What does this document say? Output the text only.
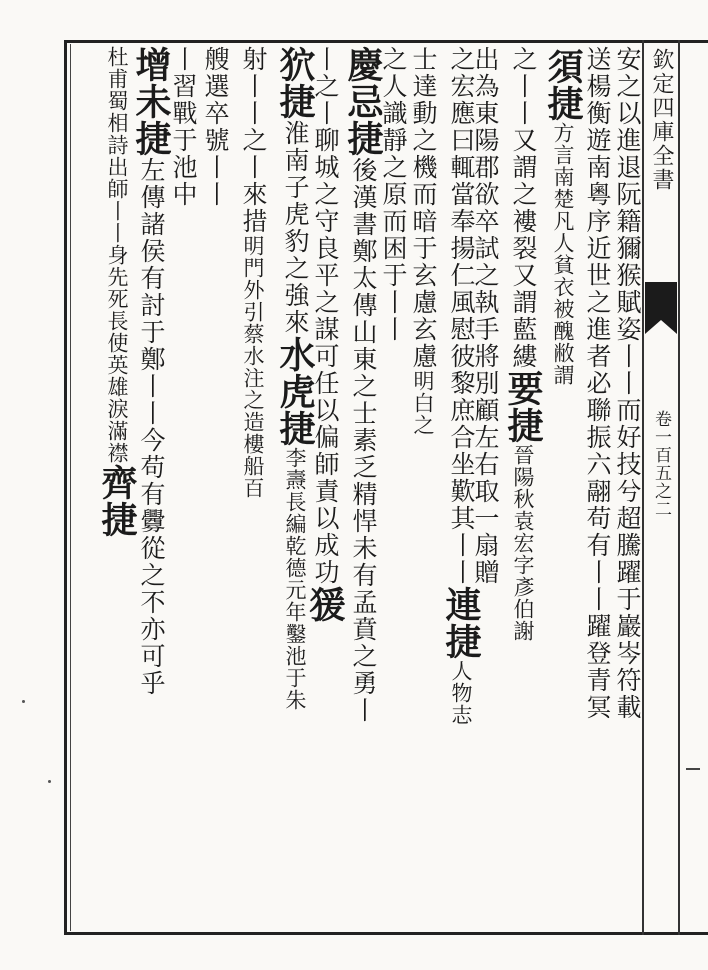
欽定四庫全書
卷一百五之二
安之以進退阮籍獮猴賦姿丨丨而好技兮超騰躍于巖岑符載
送楊衡遊南粵序近世之進者必聯振六翮苟有丨丨躍登青冥
須捷方言南楚凡人貧衣被醜敝謂
之丨丨又謂之褸裂又謂藍縷要捷晉陽秋袁宏字彥伯謝
出為東陽郡欲卒試之執手將別顧左右取一扇贈
之宏應曰輒當奉揚仁風慰彼黎庶合坐歎其丨丨連捷人物志
士達動之機而暗于玄慮玄慮明白之
之人識靜之原而困于丨丨
慶忌捷後漢書鄭太傳山東之士素乏精悍未有孟賁之勇丨
丨之丨聊城之守良平之謀可任以偏師責以成功猨
狖捷淮南子虎豹之強來水虎捷李燾長編乾德元年鑿池于朱
射丨丨之丨來措明門外引蔡水注之造樓船百
艘選卒號丨丨
丨習戰于池中
增未捷左傳諸侯有討于鄭丨丨今苟有釁從之不亦可乎
杜甫蜀相詩出師丨丨身先死長使英雄淚滿襟齊捷
